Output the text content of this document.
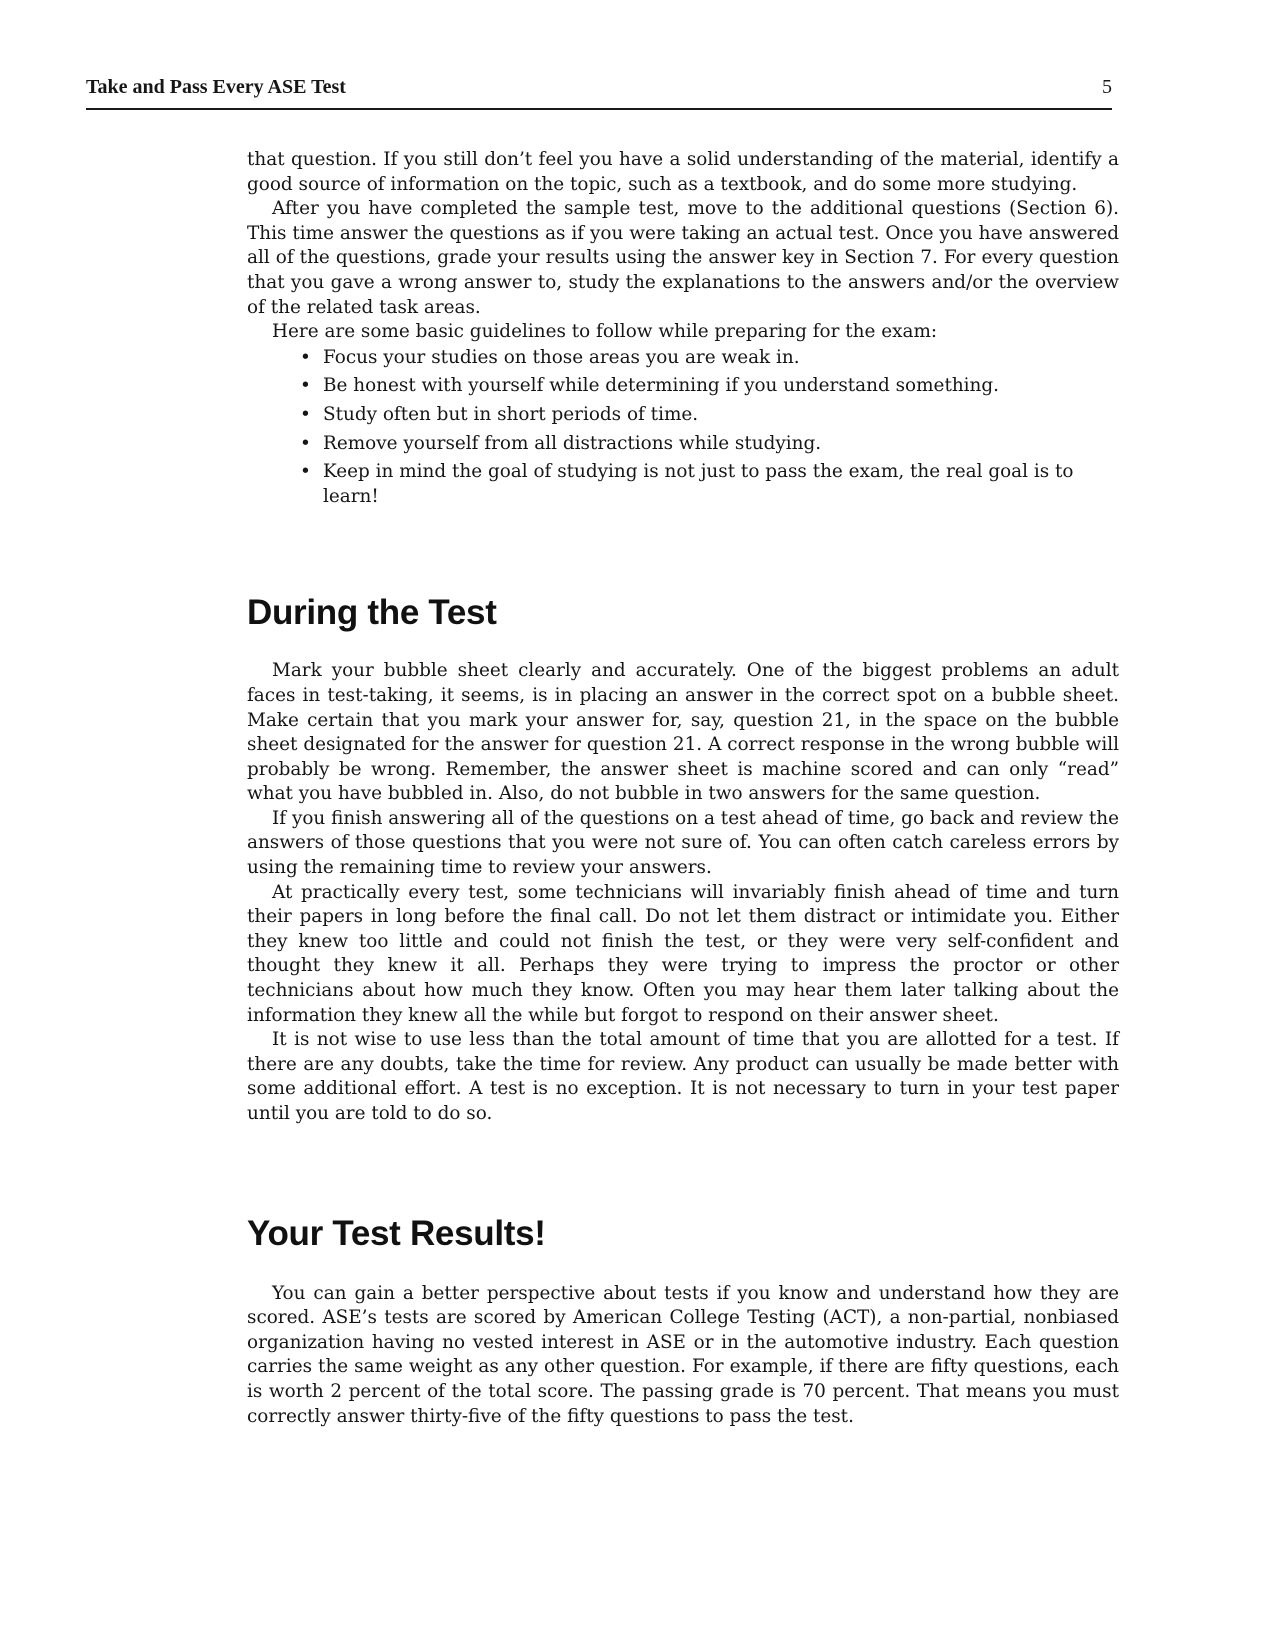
Take and Pass Every ASE Test	5

that question. If you still don’t feel you have a solid understanding of the material, identify a good source of information on the topic, such as a textbook, and do some more studying.

After you have completed the sample test, move to the additional questions (Section 6). This time answer the questions as if you were taking an actual test. Once you have answered all of the questions, grade your results using the answer key in Section 7. For every question that you gave a wrong answer to, study the explanations to the answers and/or the overview of the related task areas.

Here are some basic guidelines to follow while preparing for the exam:

• Focus your studies on those areas you are weak in.
• Be honest with yourself while determining if you understand something.
• Study often but in short periods of time.
• Remove yourself from all distractions while studying.
• Keep in mind the goal of studying is not just to pass the exam, the real goal is to learn!
During the Test

Mark your bubble sheet clearly and accurately. One of the biggest problems an adult faces in test-taking, it seems, is in placing an answer in the correct spot on a bubble sheet. Make certain that you mark your answer for, say, question 21, in the space on the bubble sheet designated for the answer for question 21. A correct response in the wrong bubble will probably be wrong. Remember, the answer sheet is machine scored and can only “read” what you have bubbled in. Also, do not bubble in two answers for the same question.

If you finish answering all of the questions on a test ahead of time, go back and review the answers of those questions that you were not sure of. You can often catch careless errors by using the remaining time to review your answers.

At practically every test, some technicians will invariably finish ahead of time and turn their papers in long before the final call. Do not let them distract or intimidate you. Either they knew too little and could not finish the test, or they were very self-confident and thought they knew it all. Perhaps they were trying to impress the proctor or other technicians about how much they know. Often you may hear them later talking about the information they knew all the while but forgot to respond on their answer sheet.

It is not wise to use less than the total amount of time that you are allotted for a test. If there are any doubts, take the time for review. Any product can usually be made better with some additional effort. A test is no exception. It is not necessary to turn in your test paper until you are told to do so.

Your Test Results!

You can gain a better perspective about tests if you know and understand how they are scored. ASE’s tests are scored by American College Testing (ACT), a non-partial, nonbiased organization having no vested interest in ASE or in the automotive industry. Each question carries the same weight as any other question. For example, if there are fifty questions, each is worth 2 percent of the total score. The passing grade is 70 percent. That means you must correctly answer thirty-five of the fifty questions to pass the test.
